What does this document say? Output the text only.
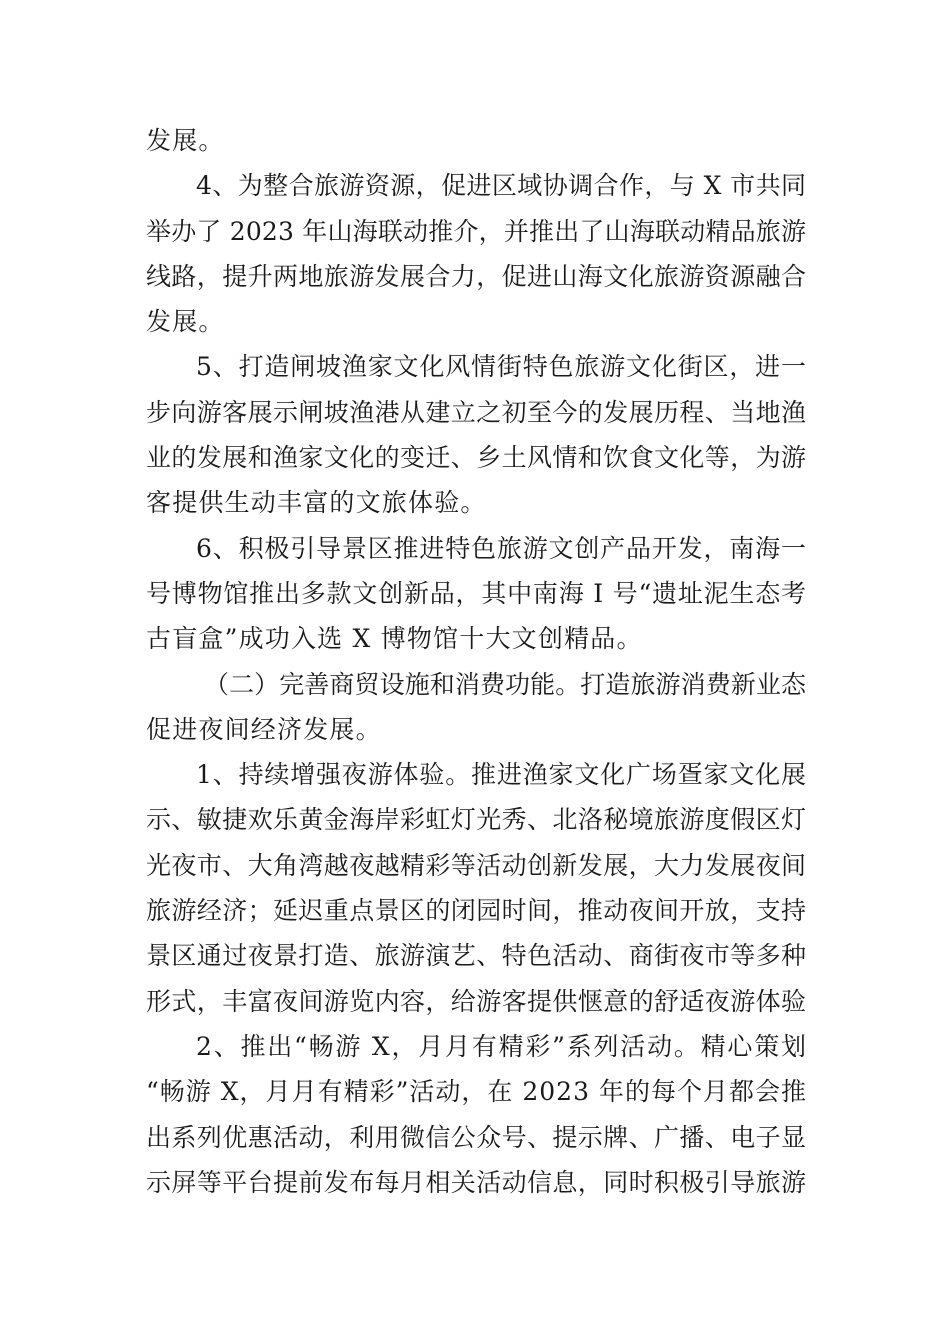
发展。
4、为整合旅游资源，促进区域协调合作，与 X 市共同
举办了 2023 年山海联动推介，并推出了山海联动精品旅游
线路，提升两地旅游发展合力，促进山海文化旅游资源融合
发展。
5、打造闸坡渔家文化风情街特色旅游文化街区，进一
步向游客展示闸坡渔港从建立之初至今的发展历程、当地渔
业的发展和渔家文化的变迁、乡土风情和饮食文化等，为游
客提供生动丰富的文旅体验。
6、积极引导景区推进特色旅游文创产品开发，南海一
号博物馆推出多款文创新品，其中南海 I 号“遗址泥生态考
古盲盒”成功入选 X 博物馆十大文创精品。
（二）完善商贸设施和消费功能。打造旅游消费新业态
促进夜间经济发展。
1、持续增强夜游体验。推进渔家文化广场疍家文化展
示、敏捷欢乐黄金海岸彩虹灯光秀、北洛秘境旅游度假区灯
光夜市、大角湾越夜越精彩等活动创新发展，大力发展夜间
旅游经济；延迟重点景区的闭园时间，推动夜间开放，支持
景区通过夜景打造、旅游演艺、特色活动、商街夜市等多种
形式，丰富夜间游览内容，给游客提供惬意的舒适夜游体验
2、推出“畅游 X，月月有精彩”系列活动。精心策划
“畅游 X，月月有精彩”活动，在 2023 年的每个月都会推
出系列优惠活动，利用微信公众号、提示牌、广播、电子显
示屏等平台提前发布每月相关活动信息，同时积极引导旅游
